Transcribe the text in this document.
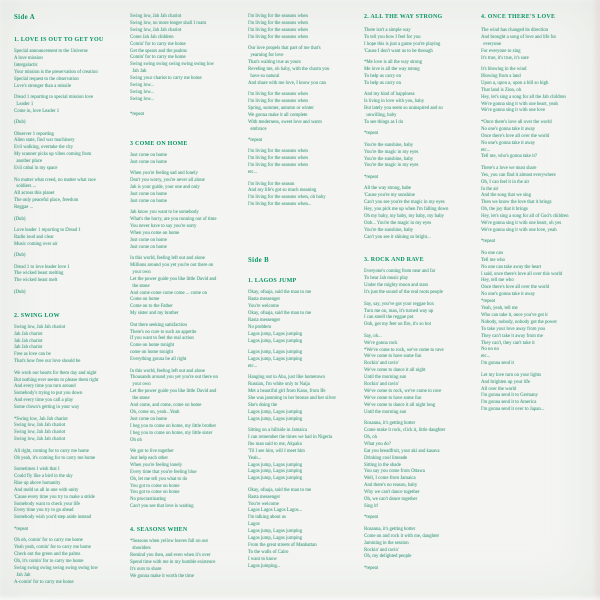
Side A
1. LOVE IS OUT TO GET YOU
Special announcement to the Universe
A love mission
Intergalactic
Your mission is the preservation of creation
Special request to the observation
Love's stronger than a missile
Dread 1 reporting to special mission love
Leader 1
Come in, love Leader 1
(Dub)
Observer 1 reporting
Alien state, find war machinery
Evil walking, overtake the city
My scanner picks up vibes coming from
another place
Evil cabal in my space
No matter what creed, no matter what race
soldiers ...
All across this planet
The only peaceful place, freedom
Reggae ...
(Dub)
Love leader 1 reporting to Dread 1
Radio loud and clear
Music coming over air
(Dub)
Dread 1 to love leader love 1
The wicked beast melting
The wicked beast melt
(Dub)
2. SWING LOW
Swing low, Jah Jah chariot
Jah Jah chariot
Jah Jah chariot
Jah Jah chariot
Free as love can be
That's how free our love should be
We work our hearts for them day and night
But nothing ever seems to please them right
And every time you turn around
Somebody's trying to put you down
And every time you call a play
Some clown's getting in your way
*Swing low, Jah Jah chariot
Swing low, Jah Jah chariot
Swing low, Jah Jah chariot
Swing low, Jah Jah chariot
All right, coming for to carry me home
Oh yeah, it's coming for to carry me home
Sometimes I wish that I
Could fly like a bird in the sky
Rise up above humanity
And meld us all in one with unity
'Cause every time you try to make a stride
Somebody want to check your life
Every time you try to go ahead
Somebody wish you'd step aside instead
*repeat
Oh oh, comin' for to carry me home
Yeah yeah, comin' for to carry me home
Check out the green and the palms
Oh, it's comin' for to carry me home
Swing swing swing swing swing swing low
Jah Jah
A-comin' for to carry me home
Swing low, Jah Jah chariot
Swing low, no more longer shall I roam
Swing low, Jah Jah chariot
Come Jah Jah children
Comin' for to carry me home
Get the spears and the psalms
Comin' for to carry me home
Swing swing swing swing swing swing low
Jah Jah
Swing your chariot to carry me home
Swing low...
Swing low...
Swing low...
*repeat
3 COME ON HOME
Just come on home
Just come on home
When you're feeling sad and lonely
Don't you worry, you're never all alone
Jah is your guide, your one and only
Just come on home
Just come on home
Jah know you want to be somebody
What's the hurry, are you running out of time
You never have to say you're sorry
When you come on home
Just come on home
Just come on home
In this world, feeling left out and alone
Millions around you yet you're out there on
your own
Let the power guide you like little David and
the stone
And come come come come ... come on
Come on home
Come on to the Father
My sister and my brother
Out there seeking satisfaction
There's no cure to such an appetite
If you want to feel the real action
Come on home tonight
come on home tonight
Everything gonna be all right
In this world, feeling left out and alone
Thousands around you yet you're out there on
your own
Let the power guide you like little David and
the stone
And come, and come, come on home
Oh, come on, yeah...Yeah
Just come on home
I beg you to come on home, my little brother
I beg you to come on home, my little sister
Oh oh
We got to live together
Just help each other
When you're feeling lonely
Every time that you're feeling blue
Oh, let me tell you what to do
You got to come on home
You got to come on home
No procrastinating
Can't you see that love is waiting
4. SEASONS WHEN
*Seasons when yellow leaves fall on our
shoulders
Remind you then, and even when it's over
Spend time with me in my humble existence
It's ours to share
We gonna make it worth the time
I'm living for the seasons when
I'm living for the seasons when
I'm living for the seasons when
I'm living for the seasons when
Our love propels that part of me that's
yearning for love
That's waiting true as yours
Reveling me, oh baby, with the charm you
have so natural
And share with me love, I know you can
I'm living for the seasons when
I'm living for the seasons when
Spring, summer, autumn or winter
We gonna make it all complete
With tenderness, sweet love and warm
embrace
*repeat
I'm living for the seasons when
I'm living for the seasons when
I'm living for the seasons when
etc...
I'm living for the season
And my life's got so much meaning
I'm living for the seasons when, oh baby
I'm living for the seasons when...
Side B
1. LAGOS JUMP
Okay, ofuaja, said the man to me
Rasta messenger
You're welcome
Okay, ofuaja, said the man to me
Rasta messenger
No problem
Lagos jump, Lagos jumping
Lagos jump, Lagos jumping
Lagos jump, Lagos jumping
Lagos jump, Lagos jumping
etc...
Hanging out in Aba, just like hometown
Russian, I'm white only to Naija
Met a beautiful girl from Kano, from Ife
She was jamming in her bronze and her silver
She's doing the
Lagos jump, Lagos jumping
Lagos jump, Lagos jumping
Sitting on a hillside in Jamaica
I can remember the times we had in Nigeria
Ibo man said to me, Akpako
'Til I see him, will I meet him
Yeah...
Lagos jump, Lagos jumping
Lagos jump, Lagos jumping
Lagos jump, Lagos jumping
Okay, ofuaja, said the man to me
Rasta messenger
You're welcome
Lagos Lagos Lagos Lagos...
I'm talking about us
Lagos
Lagos jump, Lagos jumping
Lagos jump, Lagos jumping
From the great streets of Manhattan
To the walls of Cairo
I want to know
Lagos jumping...
2. ALL THE WAY STRONG
There isn't a simple way
To tell you how I feel for you
I hope this is just a game you're playing
'Cause I don't want us to be through
*Me love is all the way strong
Me love is all the way strong
To help us carry on
To help us carry on
And my kind of happiness
Is living in love with you, baby
But lately you seem so uninspired and so
unwilling, baby
To see things as I do
*repeat
You're the sunshine, baby
You're the magic in my eyes
You're the sunshine, baby
You're the magic in my eyes
*repeat
All the way strong, babe
'Cause you're my sunshine
Can't you see you're the magic in my eyes
Hey, you pick me up when I'm falling down
Oh my baby, my baby, my baby, my baby
Ooh... You're the magic in my eyes
You're the sunshine, baby
Can't you see it shining so bright...
3. ROCK AND RAVE
Everyone's coming from near and far
To hear Jah music play
Under the mighty moon and stars
It's just the sound of the real roots people
Say, say, you've got your reggae box
Turn me on, man, it's turned way up
I can smell the reggae pot
Ooh, got my feet on fire, it's so hot
Say, oh...
We're gonna rock
*We've come to rock, we've come to rave
We've come to have some fun
Rockin' and ravin'
We've come to dance it all night
Until the morning sun
Rockin' and ravin'
We've come to rock, we've come to rave
We've come to have some fun
We've come to dance it all night long
Until the morning sun
Rosanna, it's getting hotter
Come make it rock, click it, little daughter
Oh, oh
What you do?
Eat you breadfruit, your aki and kasava
Drinking cool limeade
Sitting in the shade
You say you come from Ottawa
Well, I come from Jamaica
And there's no reason, baby
Why we can't dance together
Oh, we can't dance together
Sing it!
*repeat
Rosanna, it's getting hotter
Come on and rock it with me, daughter
Jamming in the session
Rockin' and ravin'
Oh, my delighted people
*repeat
4. ONCE THERE'S LOVE
The wind has changed its direction
And brought a song of love and life for
everyone
For everyone to sing
It's true, it's true, it's sure
It's blowing in the wind
Blowing from a land
Upon a, upon a, upon a hill so high
That land is Zion, oh
Hey, let's sing a song for all the Jah children
We're gonna sing it with one heart, yeah
We're gonna sing it with one love
*Once there's love all over the world
No one's gonna take it away
Once there's love all over the world
No one's gonna take it away
etc...
Tell me, who's gonna take it?
There's a love we must share
Yes, you can find it almost everywhere
Oh, I can feel it in the air
In the air
And the song that we sing
Then we know the love that it brings
Oh, the joy that it brings
Hey, let's sing a song for all of God's children
We're gonna sing it with one heart, oh yes
We're gonna sing it with one love, yeah
*repeat
No one can
Tell me who
No one can take away the heart
I said, once there's love all over this world
Hey, tell me who
Once there's love all over the world
No one's gonna take it away
*repeat
Yeah, yeah, tell me
Who can take it, once you've got it
Nobody, nobody, nobody got the power
To take your love away from you
They can't take it away from me
They can't, they can't take it
No no no
etc...
I'm gonna send it
Let my love turn on your lights
And brighten up your life
All over the world
I'm gonna send it to Germany
I'm gonna send it to America
I'm gonna send it over to Japan...
